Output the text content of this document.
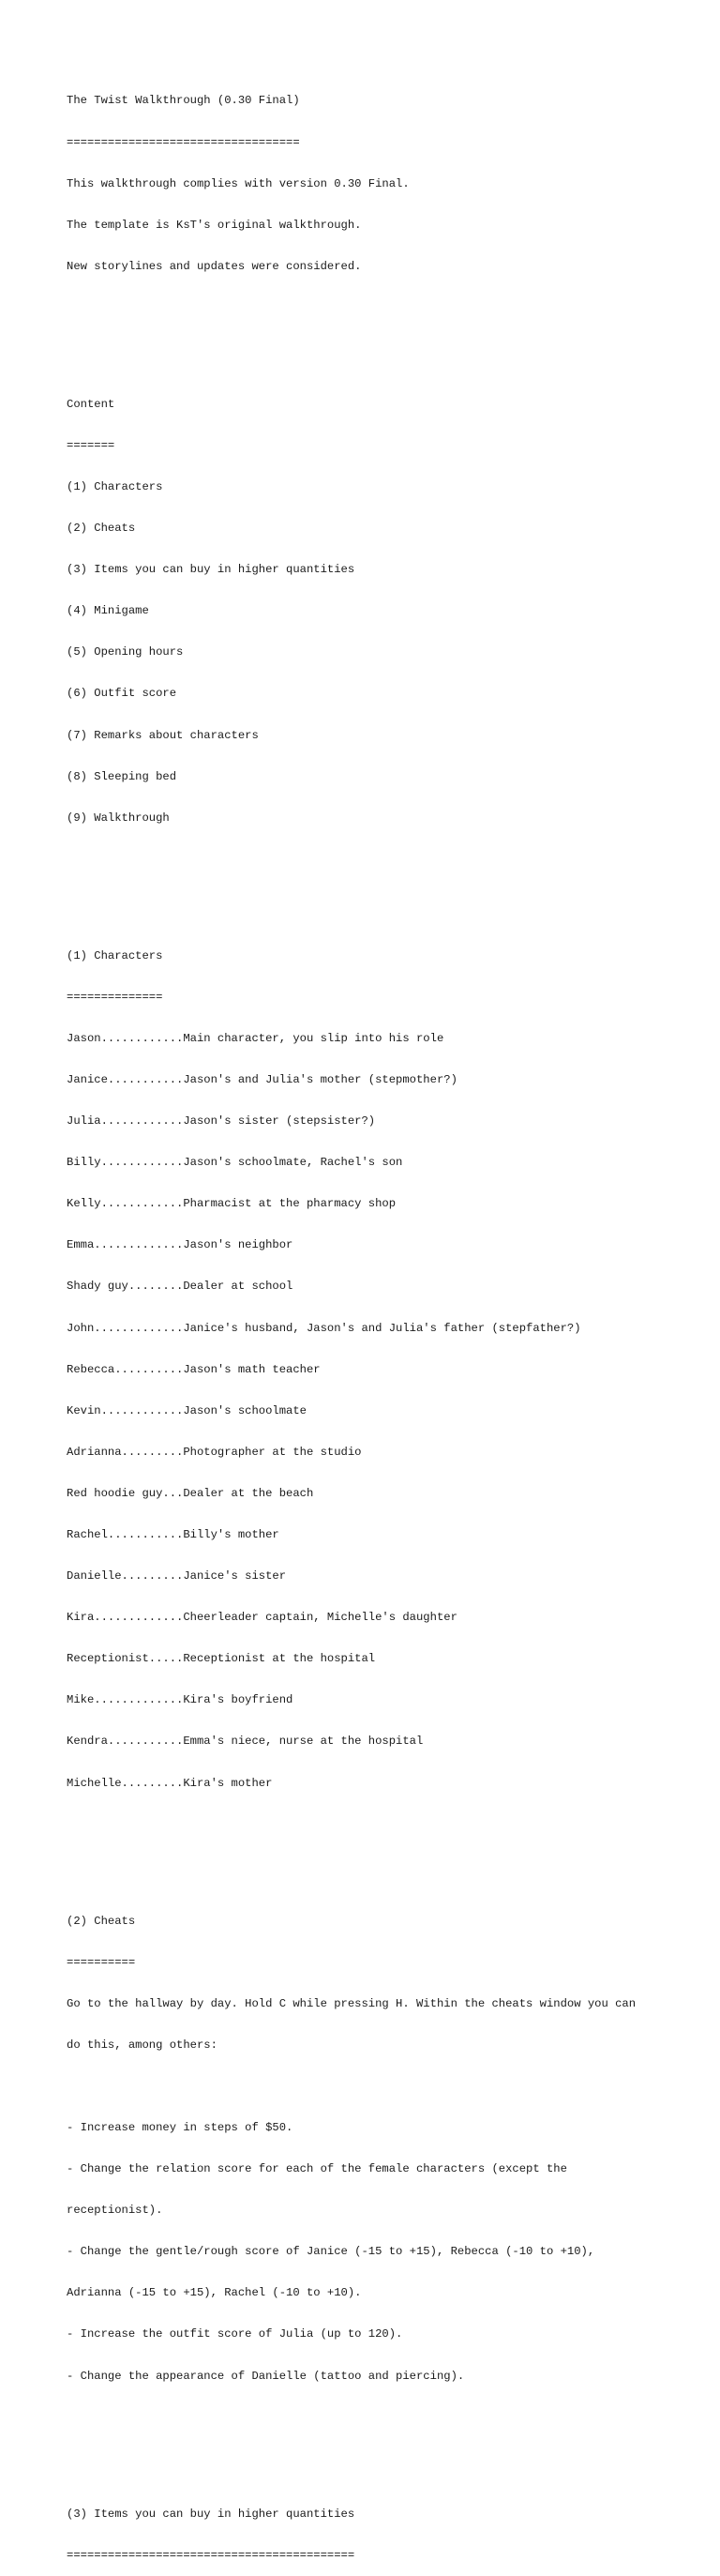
The Twist Walkthrough (0.30 Final)

==================================

This walkthrough complies with version 0.30 Final.

The template is KsT's original walkthrough.

New storylines and updates were considered.

Content

=======

(1) Characters

(2) Cheats

(3) Items you can buy in higher quantities

(4) Minigame

(5) Opening hours

(6) Outfit score

(7) Remarks about characters

(8) Sleeping bed

(9) Walkthrough

(1) Characters

==============

Jason............Main character, you slip into his role

Janice...........Jason's and Julia's mother (stepmother?)

Julia............Jason's sister (stepsister?)

Billy............Jason's schoolmate, Rachel's son

Kelly............Pharmacist at the pharmacy shop

Emma.............Jason's neighbor

Shady guy........Dealer at school

John.............Janice's husband, Jason's and Julia's father (stepfather?)

Rebecca..........Jason's math teacher

Kevin............Jason's schoolmate

Adrianna.........Photographer at the studio

Red hoodie guy...Dealer at the beach

Rachel...........Billy's mother

Danielle.........Janice's sister

Kira.............Cheerleader captain, Michelle's daughter

Receptionist.....Receptionist at the hospital

Mike.............Kira's boyfriend

Kendra...........Emma's niece, nurse at the hospital

Michelle.........Kira's mother

(2) Cheats

==========

Go to the hallway by day. Hold C while pressing H. Within the cheats window you can

do this, among others:

- Increase money in steps of $50.

- Change the relation score for each of the female characters (except the

receptionist).

- Change the gentle/rough score of Janice (-15 to +15), Rebecca (-10 to +10),

Adrianna (-15 to +15), Rachel (-10 to +10).

- Increase the outfit score of Julia (up to 120).

- Change the appearance of Danielle (tattoo and piercing).

(3) Items you can buy in higher quantities

==========================================
